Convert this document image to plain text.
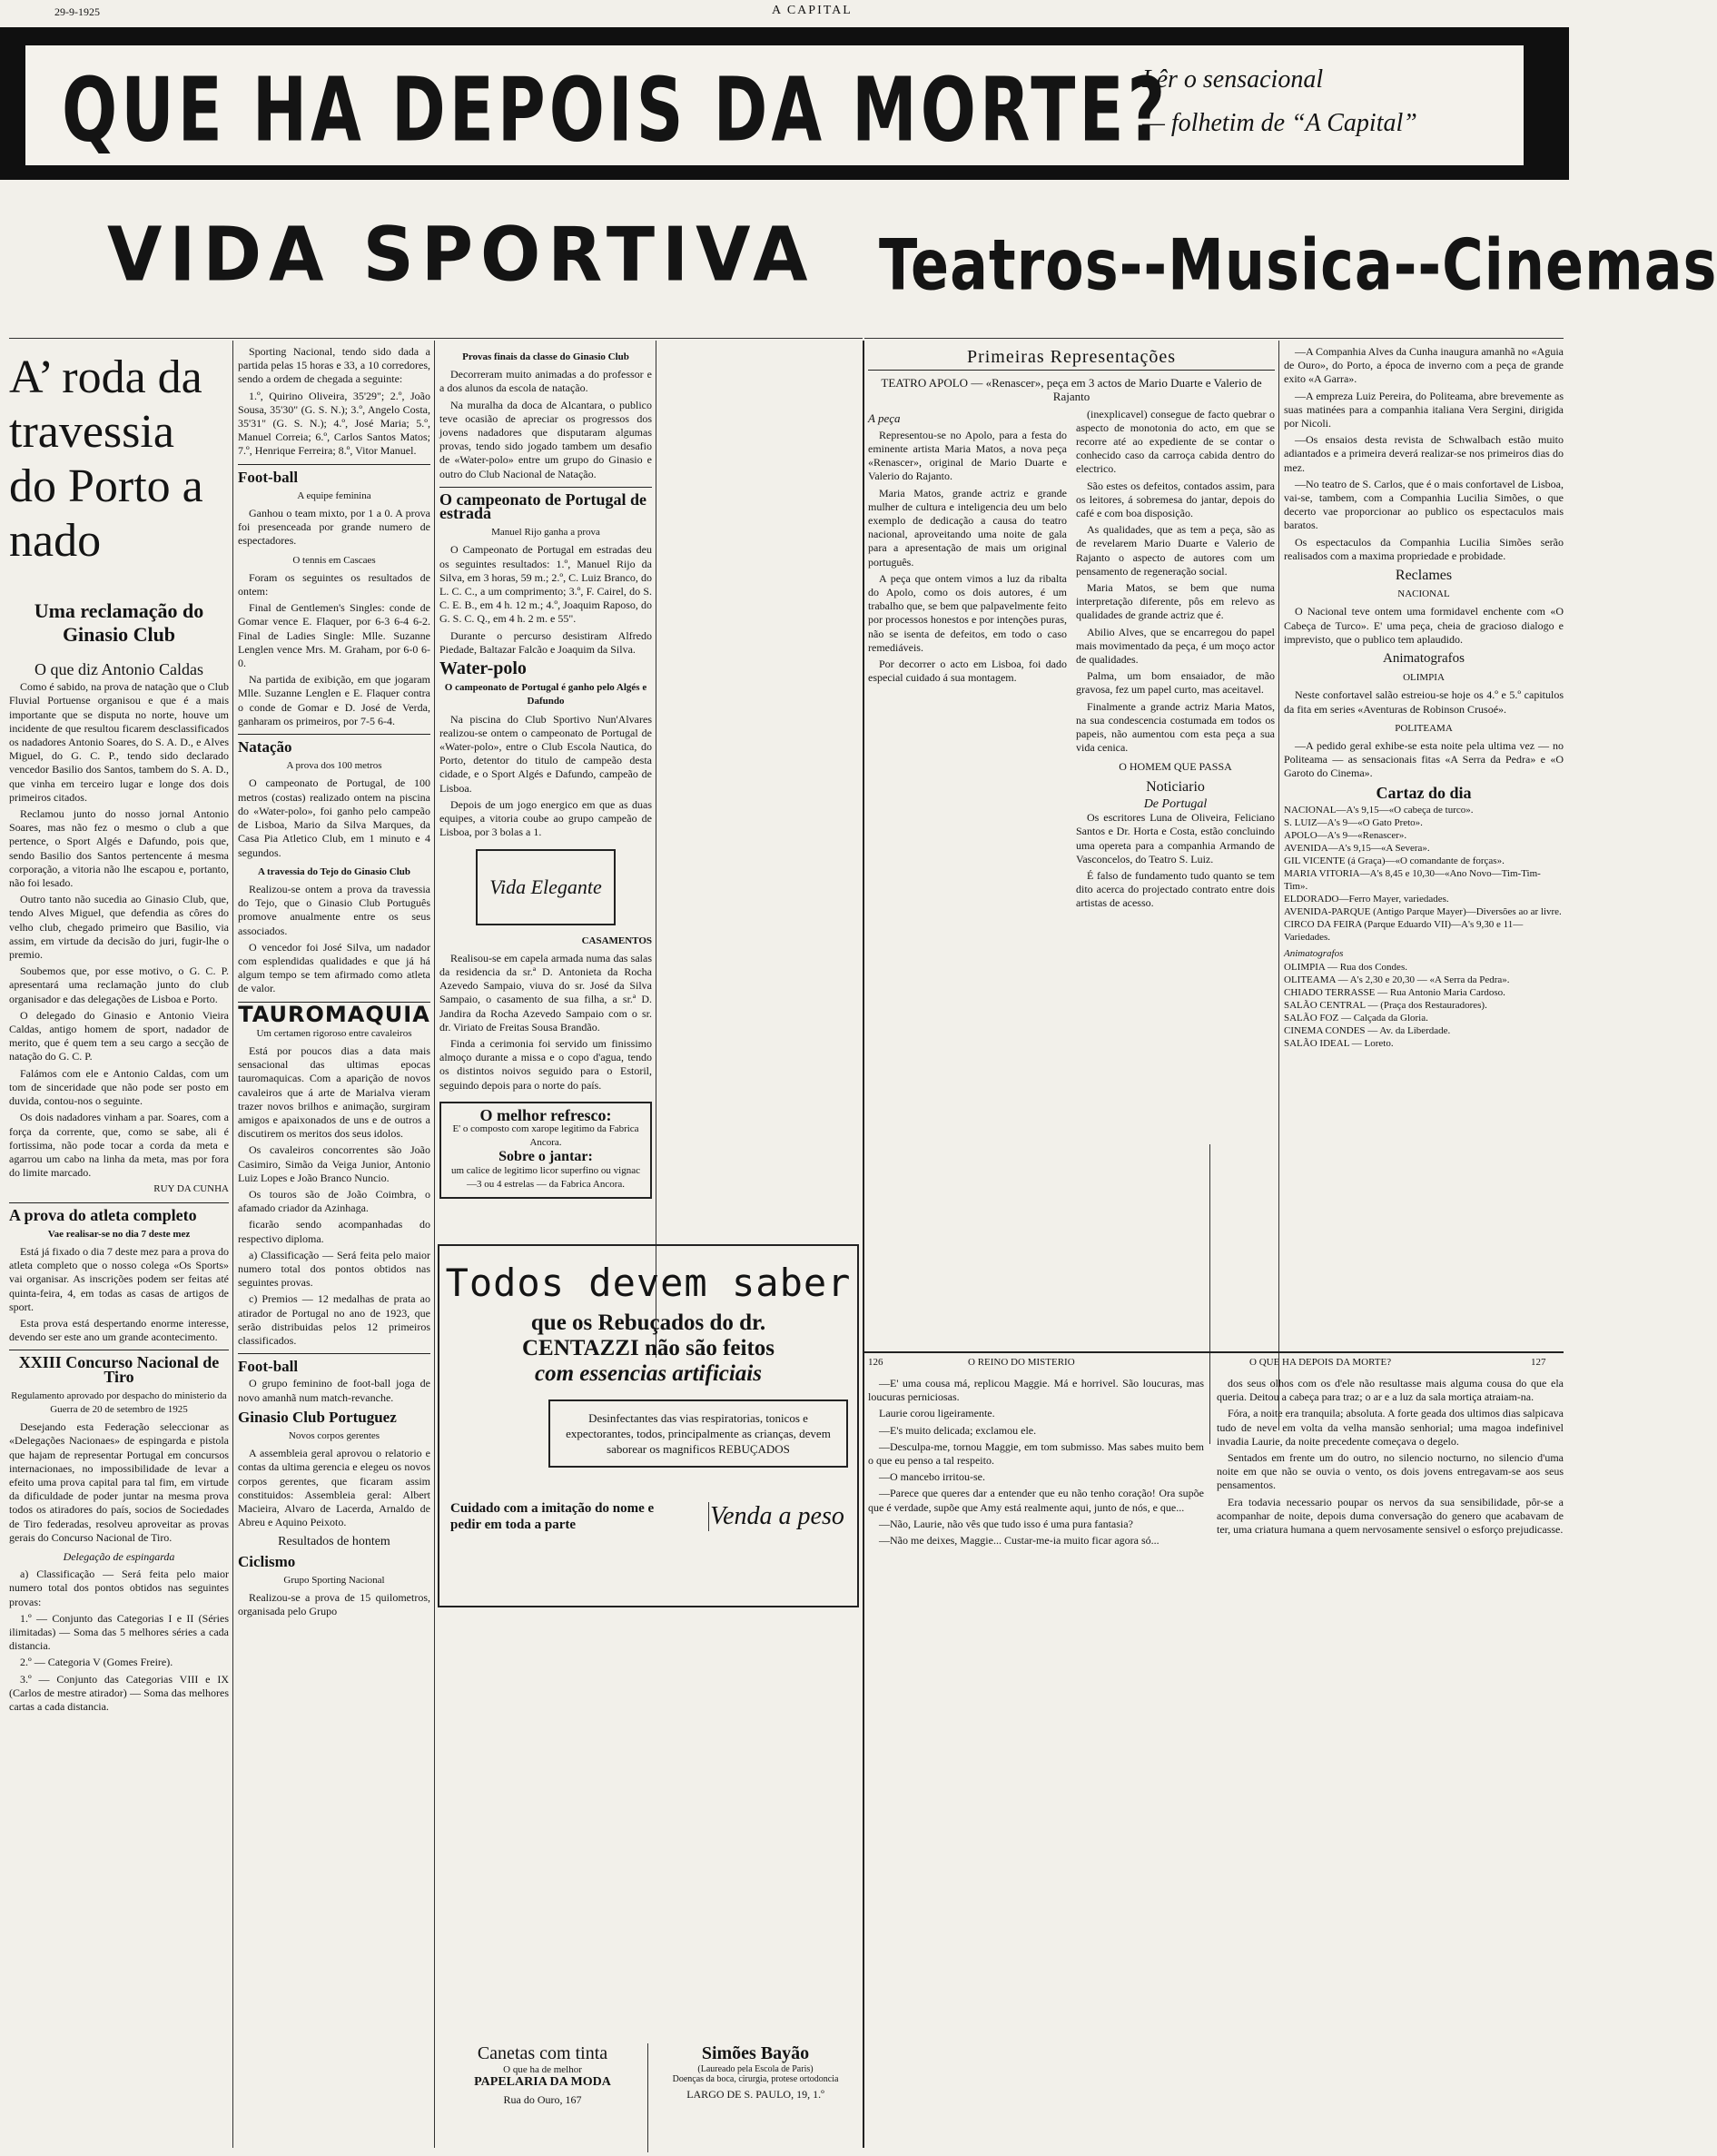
29-9-1925	A CAPITAL
QUE HA DEPOIS DA MORTE?
Lêr o sensacional
— folhetim de “A Capital”
VIDA SPORTIVA	Teatros--Musica--Cinemas
A’ roda da travessia do Porto a nado
Uma reclamação do Ginasio Club
O que diz Antonio Caldas

Como é sabido, na prova de natação que o Club Fluvial Portuense organisou e que é a mais importante que se disputa no norte, houve um incidente de que resultou ficarem desclassificados os nadadores Antonio Soares, do S. A. D., e Alves Miguel, do G. C. P., tendo sido declarado vencedor Basilio dos Santos, tambem do S. A. D., que vinha em terceiro lugar e longe dos dois primeiros citados.

Reclamou junto do nosso jornal Antonio Soares, mas não fez o mesmo o club a que pertence, o Sport Algés e Dafundo, pois que, sendo Basilio dos Santos pertencente á mesma corporação, a vitoria não lhe escapou e, portanto, não foi lesado.

Outro tanto não sucedia ao Ginasio Club, que, tendo Alves Miguel, que defendia as côres do velho club, chegado primeiro que Basilio, via assim, em virtude da decisão do juri, fugir-lhe o premio.

Soubemos que, por esse motivo, o G. C. P. apresentará uma reclamação junto do club organisador e das delegações de Lisboa e Porto.

O delegado do Ginasio e Antonio Vieira Caldas, antigo homem de sport, nadador de merito, que é quem tem a seu cargo a secção de natação do G. C. P.

Falámos com ele e Antonio Caldas, com um tom de sinceridade que não pode ser posto em duvida, contou-nos o seguinte.

Os dois nadadores vinham a par. Soares, com a força da corrente, que, como se sabe, ali é fortissima, não pode tocar a corda da meta e agarrou um cabo na linha da meta, mas por fora do limite marcado.

RUY DA CUNHA
A prova do atleta completo
Vae realisar-se no dia 7 deste mez

Está já fixado o dia 7 deste mez para a prova do atleta completo que o nosso colega «Os Sports» vai organisar. As inscrições podem ser feitas até quinta-feira, 4, em todas as casas de artigos de sport.

Esta prova está despertando enorme interesse, devendo ser este ano um grande acontecimento.

XXIII Concurso Nacional de Tiro
Regulamento aprovado por despacho do ministerio da Guerra de 20 de setembro de 1925

Desejando esta Federação seleccionar as «Delegações Nacionaes» de espingarda e pistola que hajam de representar Portugal em concursos internacionaes, no impossibilidade de levar a efeito uma prova capital para tal fim, em virtude da dificuldade de poder juntar na mesma prova todos os atiradores do país, socios de Sociedades de Tiro federadas, resolveu aproveitar as provas gerais do Concurso Nacional de Tiro.

Delegação de espingarda

a) Classificação — Será feita pelo maior numero total dos pontos obtidos nas seguintes provas:

1.º — Conjunto das Categorias I e II (Séries ilimitadas) — Soma das 5 melhores séries a cada distancia.

2.º — Categoria V (Gomes Freire).

3.º — Conjunto das Categorias VIII e IX (Carlos de mestre atirador) — Soma das melhores cartas a cada distancia.

Sporting Nacional, tendo sido dada a partida pelas 15 horas e 33, a 10 corredores, sendo a ordem de chegada a seguinte:

1.º, Quirino Oliveira, 35'29"; 2.º, João Sousa, 35'30" (G. S. N.); 3.º, Angelo Costa, 35'31" (G. S. N.); 4.º, José Maria; 5.º, Manuel Correia; 6.º, Carlos Santos Matos; 7.º, Henrique Ferreira; 8.º, Vitor Manuel.

Foot-ball
A equipe feminina

Ganhou o team mixto, por 1 a 0. A prova foi presenceada por grande numero de espectadores.

O tennis em Cascaes

Foram os seguintes os resultados de ontem:

Final de Gentlemen's Singles: conde de Gomar vence E. Flaquer, por 6-3 6-4 6-2. Final de Ladies Single: Mlle. Suzanne Lenglen vence Mrs. M. Graham, por 6-0 6-0.

Na partida de exibição, em que jogaram Mlle. Suzanne Lenglen e E. Flaquer contra o conde de Gomar e D. José de Verda, ganharam os primeiros, por 7-5 6-4.

Natação
A prova dos 100 metros

O campeonato de Portugal, de 100 metros (costas) realizado ontem na piscina do «Water-polo», foi ganho pelo campeão de Lisboa, Mario da Silva Marques, da Casa Pia Atletico Club, em 1 minuto e 4 segundos.

A travessia do Tejo do Ginasio Club

Realizou-se ontem a prova da travessia do Tejo, que o Ginasio Club Português promove anualmente entre os seus associados.

O vencedor foi José Silva, um nadador com esplendidas qualidades e que já há algum tempo se tem afirmado como atleta de valor.

TAUROMAQUIA
Um certamen rigoroso entre cavaleiros

Está por poucos dias a data mais sensacional das ultimas epocas tauromaquicas. Com a aparição de novos cavaleiros que á arte de Marialva vieram trazer novos brilhos e animação, surgiram amigos e apaixonados de uns e de outros a discutirem os meritos dos seus idolos.

Os cavaleiros concorrentes são João Casimiro, Simão da Veiga Junior, Antonio Luiz Lopes e João Branco Nuncio.

Os touros são de João Coimbra, o afamado criador da Azinhaga.

ficarão sendo acompanhadas do respectivo diploma.

a) Classificação — Será feita pelo maior numero total dos pontos obtidos nas seguintes provas.

c) Premios — 12 medalhas de prata ao atirador de Portugal no ano de 1923, que serão distribuidas pelos 12 primeiros classificados.

Foot-ball

O grupo feminino de foot-ball joga de novo amanhã num match-revanche.

Ginasio Club Portuguez
Novos corpos gerentes

A assembleia geral aprovou o relatorio e contas da ultima gerencia e elegeu os novos corpos gerentes, que ficaram assim constituidos: Assembleia geral: Albert Macieira, Alvaro de Lacerda, Arnaldo de Abreu e Aquino Peixoto.

Resultados de hontem
Ciclismo
Grupo Sporting Nacional

Realizou-se a prova de 15 quilometros, organisada pelo Grupo

Provas finais da classe do Ginasio Club

Decorreram muito animadas a do professor e a dos alunos da escola de natação.

Na muralha da doca de Alcantara, o publico teve ocasião de apreciar os progressos dos jovens nadadores que disputaram algumas provas, tendo sido jogado tambem um desafio de «Water-polo» entre um grupo do Ginasio e outro do Club Nacional de Natação.

O campeonato de Portugal de estrada
Manuel Rijo ganha a prova

O Campeonato de Portugal em estradas deu os seguintes resultados: 1.º, Manuel Rijo da Silva, em 3 horas, 59 m.; 2.º, C. Luiz Branco, do L. C. C., a um comprimento; 3.º, F. Cairel, do S. C. E. B., em 4 h. 12 m.; 4.º, Joaquim Raposo, do G. S. C. Q., em 4 h. 2 m. e 55".

Durante o percurso desistiram Alfredo Piedade, Baltazar Falcão e Joaquim da Silva.

Water-polo
O campeonato de Portugal é ganho pelo Algés e Dafundo

Na piscina do Club Sportivo Nun'Alvares realizou-se ontem o campeonato de Portugal de «Water-polo», entre o Club Escola Nautica, do Porto, detentor do titulo de campeão desta cidade, e o Sport Algés e Dafundo, campeão de Lisboa.

Depois de um jogo energico em que as duas equipes, a vitoria coube ao grupo campeão de Lisboa, por 3 bolas a 1.

Vida Elegante
CASAMENTOS

Realisou-se em capela armada numa das salas da residencia da sr.ª D. Antonieta da Rocha Azevedo Sampaio, viuva do sr. José da Silva Sampaio, o casamento de sua filha, a sr.ª D. Jandira da Rocha Azevedo Sampaio com o sr. dr. Viriato de Freitas Sousa Brandão.

Finda a cerimonia foi servido um finissimo almoço durante a missa e o copo d'agua, tendo os distintos noivos seguido para o Estoril, seguindo depois para o norte do país.

O melhor refresco:
E' o composto com xarope legitimo da Fabrica Ancora.
Sobre o jantar:
um calice de legitimo licor superfino ou vignac—3 ou 4 estrelas — da Fabrica Ancora.
Primeiras Representações
TEATRO APOLO — «Renascer», peça em 3 actos de Mario Duarte e Valerio de Rajanto
A peça

Representou-se no Apolo, para a festa do eminente artista Maria Matos, a nova peça «Renascer», original de Mario Duarte e Valerio do Rajanto.

Maria Matos, grande actriz e grande mulher de cultura e inteligencia deu um belo exemplo de dedicação a causa do teatro nacional, aproveitando uma noite de gala para a apresentação de mais um original português.

A peça que ontem vimos a luz da ribalta do Apolo, como os dois autores, é um trabalho que, se bem que palpavelmente feito por processos honestos e por intenções puras, não se isenta de defeitos, em todo o caso remediáveis.

Por decorrer o acto em Lisboa, foi dado especial cuidado á sua montagem.

(inexplicavel) consegue de facto quebrar o aspecto de monotonia do acto, em que se recorre até ao expediente de se contar o conhecido caso da carroça cabida dentro do electrico.

São estes os defeitos, contados assim, para os leitores, á sobremesa do jantar, depois do café e com boa disposição.

As qualidades, que as tem a peça, são as de revelarem Mario Duarte e Valerio de Rajanto o aspecto de autores com um pensamento de regeneração social.

Maria Matos, se bem que numa interpretação diferente, pôs em relevo as qualidades de grande actriz que é.

Abilio Alves, que se encarregou do papel mais movimentado da peça, é um moço actor de qualidades.

Palma, um bom ensaiador, de mão gravosa, fez um papel curto, mas aceitavel.

Finalmente a grande actriz Maria Matos, na sua condescencia costumada em todos os papeis, não aumentou com esta peça a sua vida cenica.

O HOMEM QUE PASSA
Noticiario
De Portugal

Os escritores Luna de Oliveira, Feliciano Santos e Dr. Horta e Costa, estão concluindo uma opereta para a companhia Armando de Vasconcelos, do Teatro S. Luiz.

É falso de fundamento tudo quanto se tem dito acerca do projectado contrato entre dois artistas de acesso.

—A Companhia Alves da Cunha inaugura amanhã no «Aguia de Ouro», do Porto, a época de inverno com a peça de grande exito «A Garra».

—A empreza Luiz Pereira, do Politeama, abre brevemente as suas matinées para a companhia italiana Vera Sergini, dirigida por Nicoli.

—Os ensaios desta revista de Schwalbach estão muito adiantados e a primeira deverá realizar-se nos primeiros dias do mez.

—No teatro de S. Carlos, que é o mais confortavel de Lisboa, vai-se, tambem, com a Companhia Lucilia Simões, o que decerto vae proporcionar ao publico os espectaculos mais baratos.

Os espectaculos da Companhia Lucilia Simões serão realisados com a maxima propriedade e probidade.

Reclames
NACIONAL

O Nacional teve ontem uma formidavel enchente com «O Cabeça de Turco». E' uma peça, cheia de gracioso dialogo e imprevisto, que o publico tem aplaudido.

Animatografos
OLIMPIA

Neste confortavel salão estreiou-se hoje os 4.º e 5.º capitulos da fita em series «Aventuras de Robinson Crusoé».

POLITEAMA

—A pedido geral exhibe-se esta noite pela ultima vez — no Politeama — as sensacionais fitas «A Serra da Pedra» e «O Garoto do Cinema».

Cartaz do dia
NACIONAL—A's 9,15—«O cabeça de turco».
S. LUIZ—A's 9—«O Gato Preto».
APOLO—A's 9—«Renascer».
AVENIDA—A's 9,15—«A Severa».
GIL VICENTE (á Graça)—«O comandante de forças».
MARIA VITORIA—A's 8,45 e 10,30—«Ano Novo—Tim-Tim-Tim».
ELDORADO—Ferro Mayer, variedades.
AVENIDA-PARQUE (Antigo Parque Mayer)—Diversões ao ar livre.
CIRCO DA FEIRA (Parque Eduardo VII)—A's 9,30 e 11—Variedades.
Animatografos
OLIMPIA — Rua dos Condes.
OLITEAMA — A's 2,30 e 20,30 — «A Serra da Pedra».
CHIADO TERRASSE — Rua Antonio Maria Cardoso.
SALÃO CENTRAL — (Praça dos Restauradores).
SALÃO FOZ — Calçada da Gloria.
CINEMA CONDES — Av. da Liberdade.
SALÃO IDEAL — Loreto.
126	O REINO DO MISTERIO	O QUE HA DEPOIS DA MORTE?	127

—E' uma cousa má, replicou Maggie. Má e horrivel. São loucuras, mas loucuras perniciosas.

Laurie corou ligeiramente.

—E's muito delicada; exclamou ele.

—Desculpa-me, tornou Maggie, em tom submisso. Mas sabes muito bem o que eu penso a tal respeito.

—O mancebo irritou-se.

—Parece que queres dar a entender que eu não tenho coração! Ora supõe que é verdade, supõe que Amy está realmente aqui, junto de nós, e que...

—Não, Laurie, não vês que tudo isso é uma pura fantasia?

—Não me deixes, Maggie... Custar-me-ia muito ficar agora só...

dos seus olhos com os d'ele não resultasse mais alguma cousa do que ela queria. Deitou a cabeça para traz; o ar e a luz da sala mortiça atraiam-na.

Fóra, a noite era tranquila; absoluta. A forte geada dos ultimos dias salpicava tudo de neve em volta da velha mansão senhorial; uma magoa indefinivel invadia Laurie, da noite precedente começava o degelo.

Sentados em frente um do outro, no silencio nocturno, no silencio d'uma noite em que não se ouvia o vento, os dois jovens entregavam-se aos seus pensamentos.

Era todavia necessario poupar os nervos da sua sensibilidade, pôr-se a acompanhar de noite, depois duma conversação do genero que acabavam de ter, uma criatura humana a quem nervosamente sensivel o esforço prejudicasse.

Todos devem saber
que os Rebuçados do dr.
CENTAZZI não são feitos
com essencias artificiais
Desinfectantes das vias respiratorias, tonicos e expectorantes, todos, principalmente as crianças, devem saborear os magnificos REBUÇADOS
Cuidado com a imitação do nome e pedir em toda a parte	Venda a peso
Canetas com tinta
O que ha de melhor
PAPELARIA DA MODA
Rua do Ouro, 167
Simões Bayão
(Laureado pela Escola de Paris)
Doenças da boca, cirurgia, protese ortodoncia
LARGO DE S. PAULO, 19, 1.º
